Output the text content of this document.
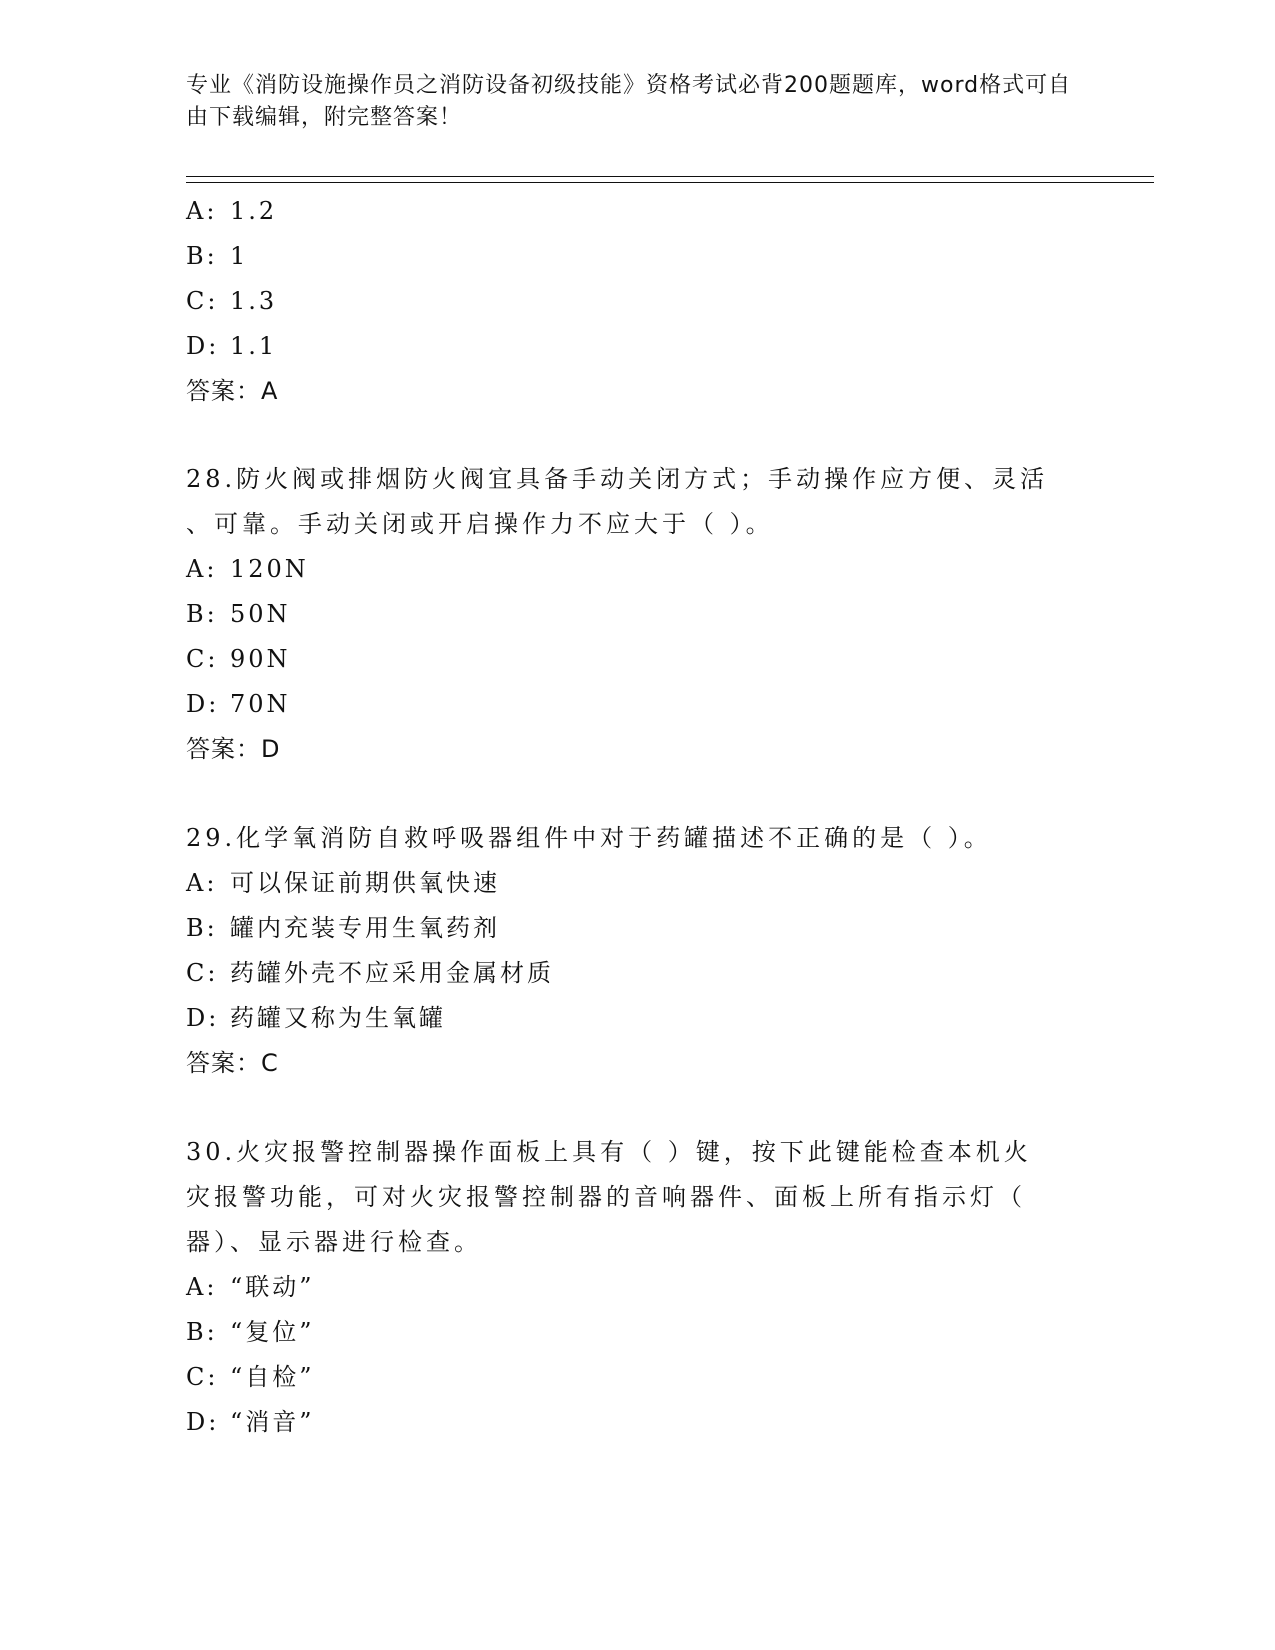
专业《消防设施操作员之消防设备初级技能》资格考试必背200题题库，word格式可自由下载编辑，附完整答案！
A: 1.2
B: 1
C: 1.3
D: 1.1
答案：A
28.防火阀或排烟防火阀宜具备手动关闭方式；手动操作应方便、灵活
、可靠。手动关闭或开启操作力不应大于（ ）。
A: 120N
B: 50N
C: 90N
D: 70N
答案：D
29.化学氧消防自救呼吸器组件中对于药罐描述不正确的是（ ）。
A: 可以保证前期供氧快速
B: 罐内充装专用生氧药剂
C: 药罐外壳不应采用金属材质
D: 药罐又称为生氧罐
答案：C
30.火灾报警控制器操作面板上具有（ ）键，按下此键能检查本机火
灾报警功能，可对火灾报警控制器的音响器件、面板上所有指示灯（
器）、显示器进行检查。
A: “联动”
B: “复位”
C: “自检”
D: “消音”
